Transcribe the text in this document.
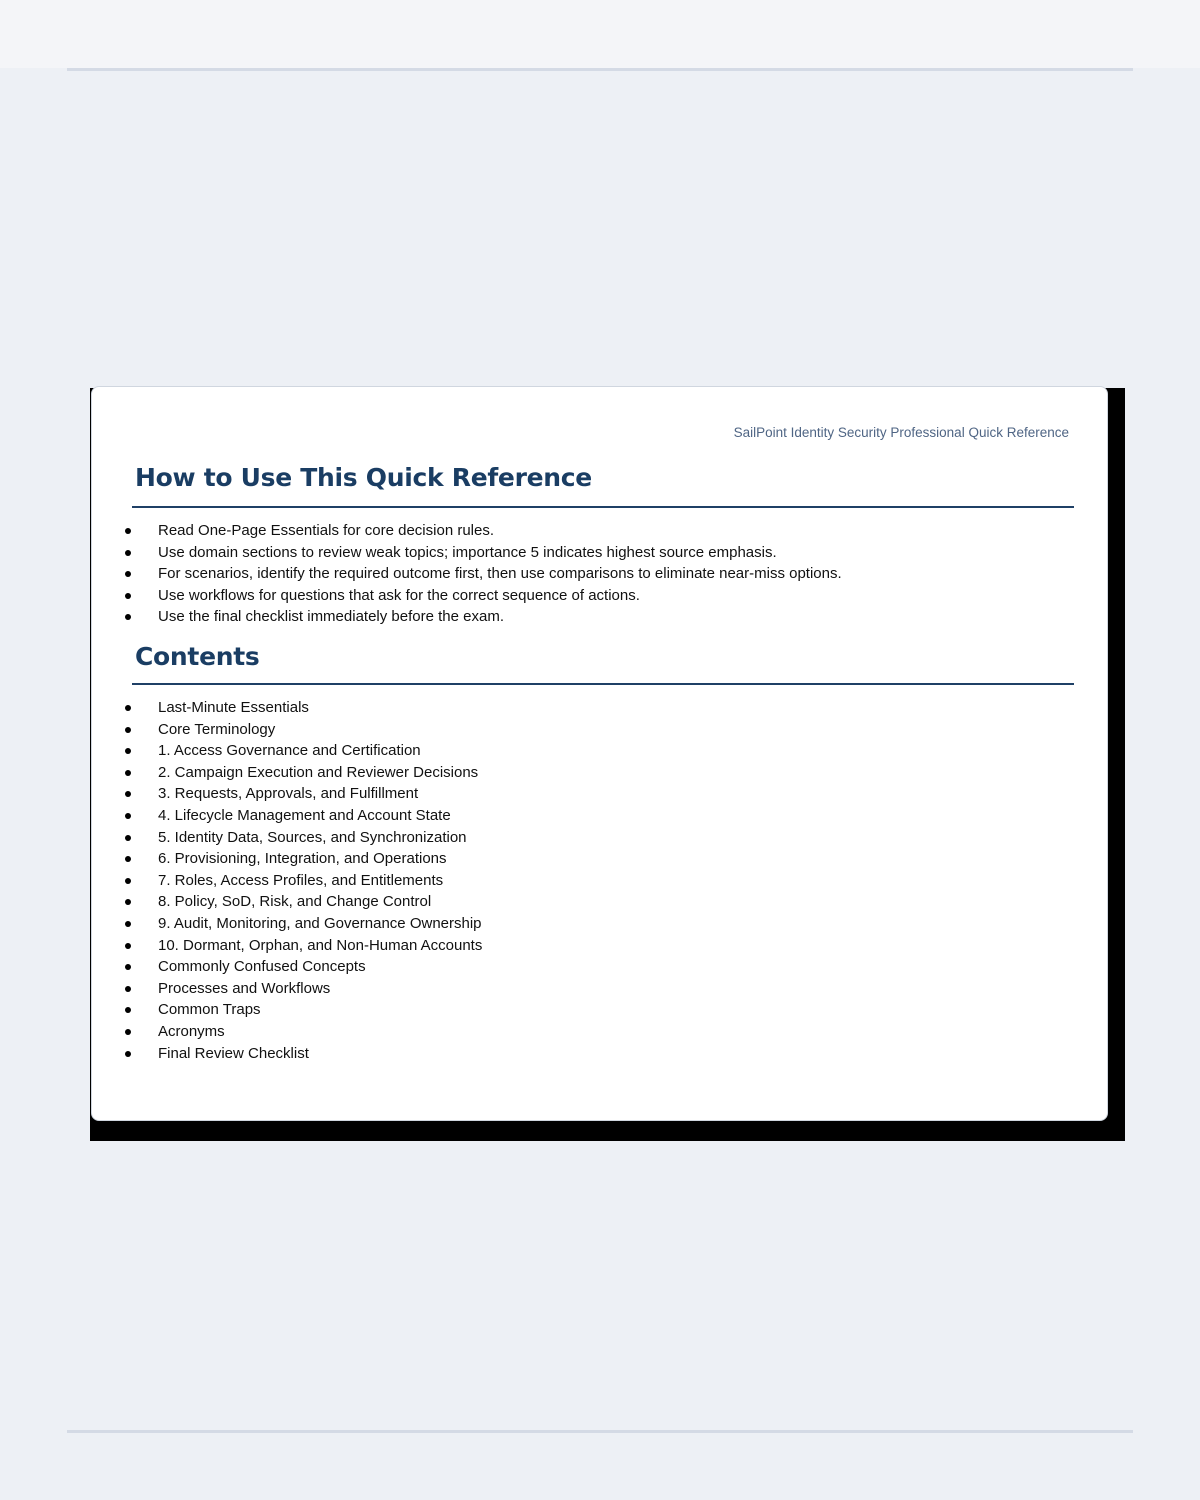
SailPoint Identity Security Professional Quick Reference
How to Use This Quick Reference
Read One-Page Essentials for core decision rules.
Use domain sections to review weak topics; importance 5 indicates highest source emphasis.
For scenarios, identify the required outcome first, then use comparisons to eliminate near-miss options.
Use workflows for questions that ask for the correct sequence of actions.
Use the final checklist immediately before the exam.
Contents
Last-Minute Essentials
Core Terminology
1. Access Governance and Certification
2. Campaign Execution and Reviewer Decisions
3. Requests, Approvals, and Fulfillment
4. Lifecycle Management and Account State
5. Identity Data, Sources, and Synchronization
6. Provisioning, Integration, and Operations
7. Roles, Access Profiles, and Entitlements
8. Policy, SoD, Risk, and Change Control
9. Audit, Monitoring, and Governance Ownership
10. Dormant, Orphan, and Non-Human Accounts
Commonly Confused Concepts
Processes and Workflows
Common Traps
Acronyms
Final Review Checklist
